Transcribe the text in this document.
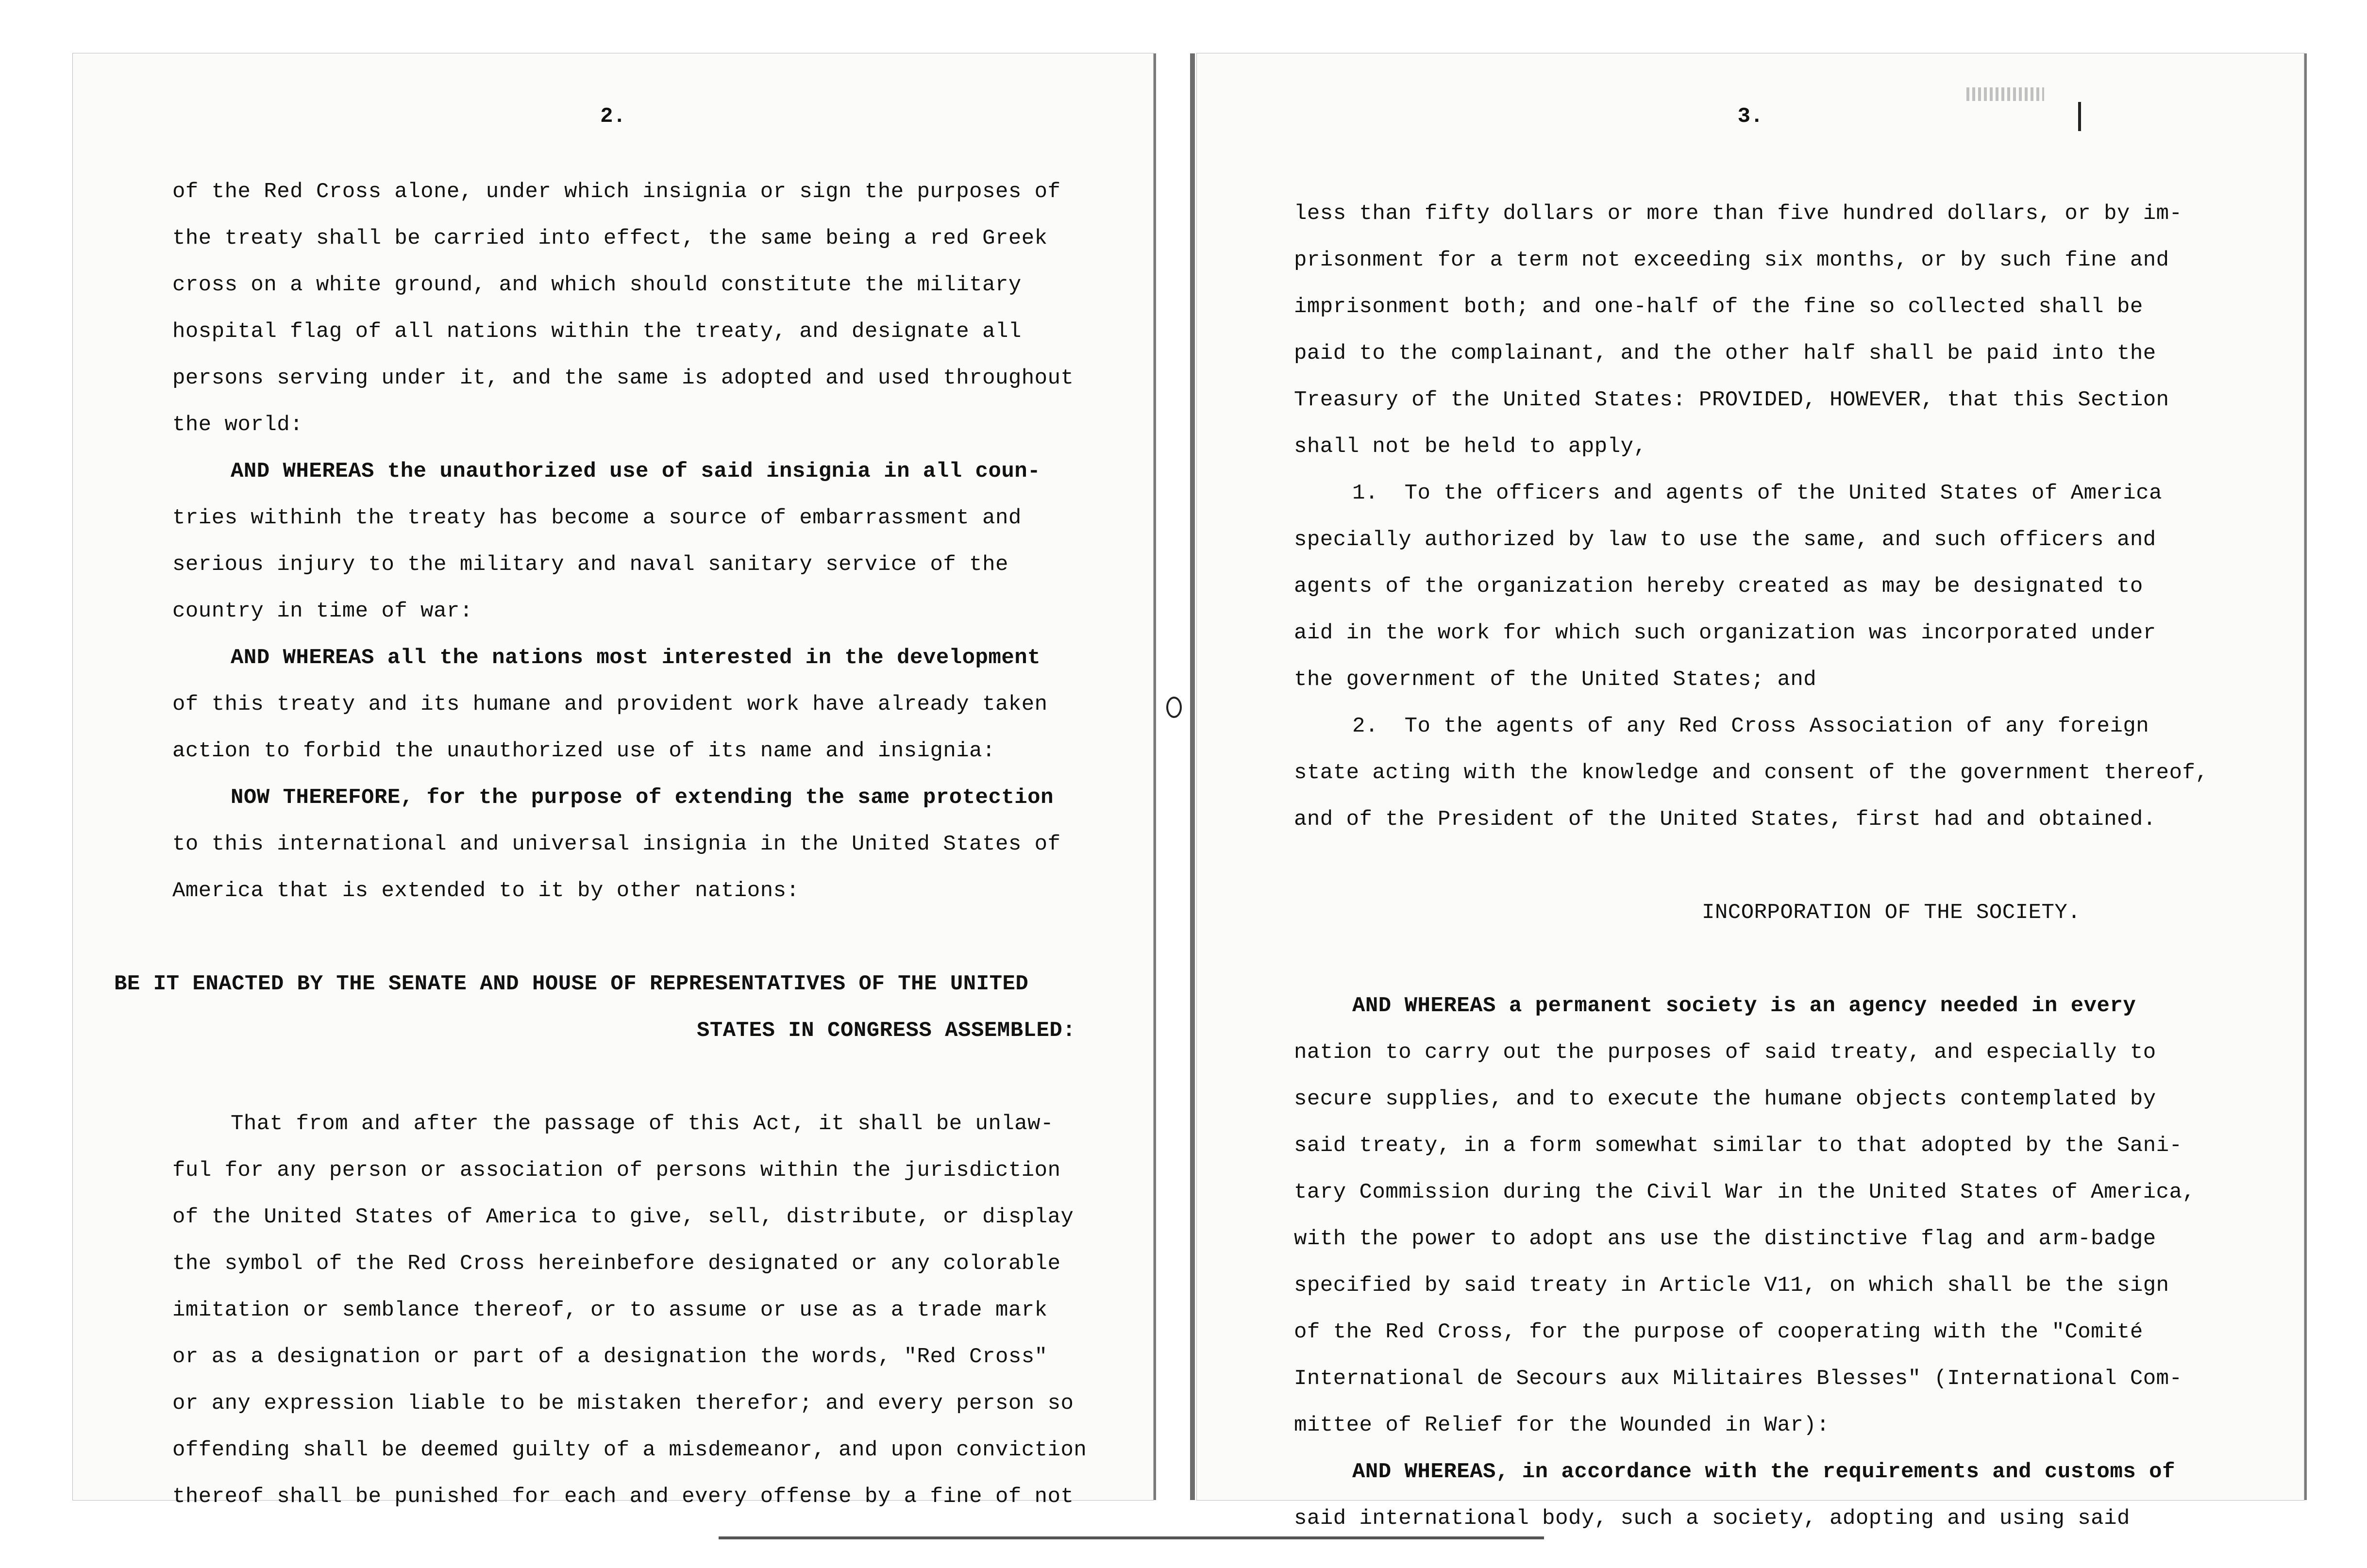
2.
of the Red Cross alone, under which insignia or sign the purposes of
the treaty shall be carried into effect, the same being a red Greek
cross on a white ground, and which should constitute the military
hospital flag of all nations within the treaty, and designate all
persons serving under it, and the same is adopted and used throughout
the world:
AND WHEREAS the unauthorized use of said insignia in all coun-
tries withinh the treaty has become a source of embarrassment and
serious injury to the military and naval sanitary service of the
country in time of war:
AND WHEREAS all the nations most interested in the development
of this treaty and its humane and provident work have already taken
action to forbid the unauthorized use of its name and insignia:
NOW THEREFORE, for the purpose of extending the same protection
to this international and universal insignia in the United States of
America that is extended to it by other nations:
BE IT ENACTED BY THE SENATE AND HOUSE OF REPRESENTATIVES OF THE UNITED
STATES IN CONGRESS ASSEMBLED:
That from and after the passage of this Act, it shall be unlaw-
ful for any person or association of persons within the jurisdiction
of the United States of America to give, sell, distribute, or display
the symbol of the Red Cross hereinbefore designated or any colorable
imitation or semblance thereof, or to assume or use as a trade mark
or as a designation or part of a designation the words, "Red Cross"
or any expression liable to be mistaken therefor; and every person so
offending shall be deemed guilty of a misdemeanor, and upon conviction
thereof shall be punished for each and every offense by a fine of not
3.
less than fifty dollars or more than five hundred dollars, or by im-
prisonment for a term not exceeding six months, or by such fine and
imprisonment both; and one-half of the fine so collected shall be
paid to the complainant, and the other half shall be paid into the
Treasury of the United States: PROVIDED, HOWEVER, that this Section
shall not be held to apply,
1.  To the officers and agents of the United States of America
specially authorized by law to use the same, and such officers and
agents of the organization hereby created as may be designated to
aid in the work for which such organization was incorporated under
the government of the United States; and
2.  To the agents of any Red Cross Association of any foreign
state acting with the knowledge and consent of the government thereof,
and of the President of the United States, first had and obtained.
INCORPORATION OF THE SOCIETY.
AND WHEREAS a permanent society is an agency needed in every
nation to carry out the purposes of said treaty, and especially to
secure supplies, and to execute the humane objects contemplated by
said treaty, in a form somewhat similar to that adopted by the Sani-
tary Commission during the Civil War in the United States of America,
with the power to adopt ans use the distinctive flag and arm-badge
specified by said treaty in Article V11, on which shall be the sign
of the Red Cross, for the purpose of cooperating with the "Comité
International de Secours aux Militaires Blesses" (International Com-
mittee of Relief for the Wounded in War):
AND WHEREAS, in accordance with the requirements and customs of
said international body, such a society, adopting and using said
